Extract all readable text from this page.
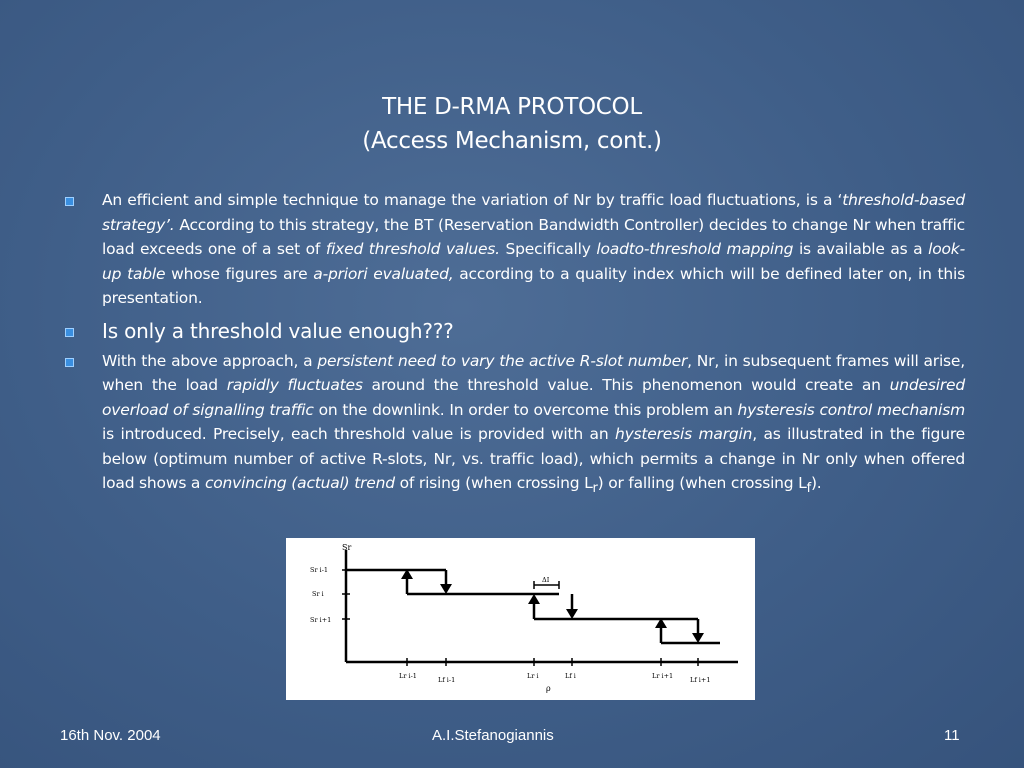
THE D-RMA PROTOCOL
(Access Mechanism, cont.)
An efficient and simple technique to manage the variation of Nr by traffic load fluctuations, is a ‘threshold-based strategy’. According to this strategy, the BT (Reservation Bandwidth Controller) decides to change Nr when traffic load exceeds one of a set of fixed threshold values. Specifically loadto-threshold mapping is available as a look-up table whose figures are a-priori evaluated, according to a quality index which will be defined later on, in this presentation.
Is only a threshold value enough???
With the above approach, a persistent need to vary the active R-slot number, Nr, in subsequent frames will arise, when the load rapidly fluctuates around the threshold value. This phenomenon would create an undesired overload of signalling traffic on the downlink. In order to overcome this problem an hysteresis control mechanism is introduced. Precisely, each threshold value is provided with an hysteresis margin, as illustrated in the figure below (optimum number of active R-slots, Nr, vs. traffic load), which permits a change in Nr only when offered load shows a convincing (actual) trend of rising (when crossing $L_r$) or falling (when crossing $L_f$).
Sr
Sr i-1
Sr i
Sr i+1
ΔI
Lr i-1	Lf i-1	Lr i	Lf i	Lr i+1	Lf i+1
ρ
16th Nov. 2004	A.I.Stefanogiannis	11
